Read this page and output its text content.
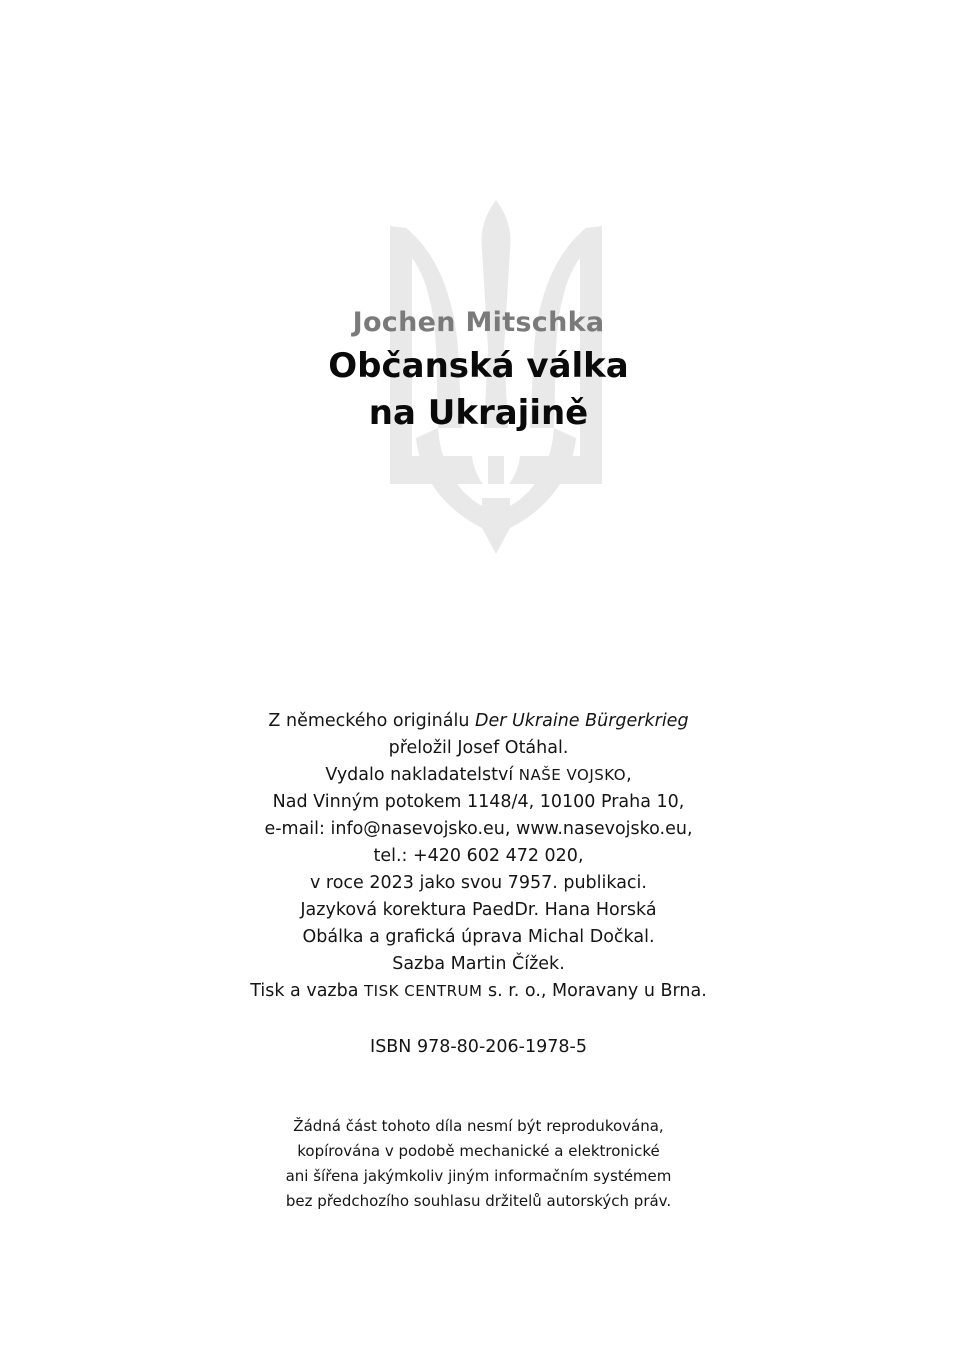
Jochen Mitschka

Občanská válka

na Ukrajině

Z německého originálu Der Ukraine Bürgerkrieg

přeložil Josef Otáhal.

Vydalo nakladatelství NAŠE VOJSKO,

Nad Vinným potokem 1148/4, 10100 Praha 10,

e-mail: info@nasevojsko.eu, www.nasevojsko.eu,

tel.: +420 602 472 020,

v roce 2023 jako svou 7957. publikaci.

Jazyková korektura PaedDr. Hana Horská

Obálka a grafická úprava Michal Dočkal.

Sazba Martin Čížek.

Tisk a vazba TISK CENTRUM s. r. o., Moravany u Brna.

ISBN 978-80-206-1978-5

Žádná část tohoto díla nesmí být reprodukována,

kopírována v podobě mechanické a elektronické

ani šířena jakýmkoliv jiným informačním systémem

bez předchozího souhlasu držitelů autorských práv.
